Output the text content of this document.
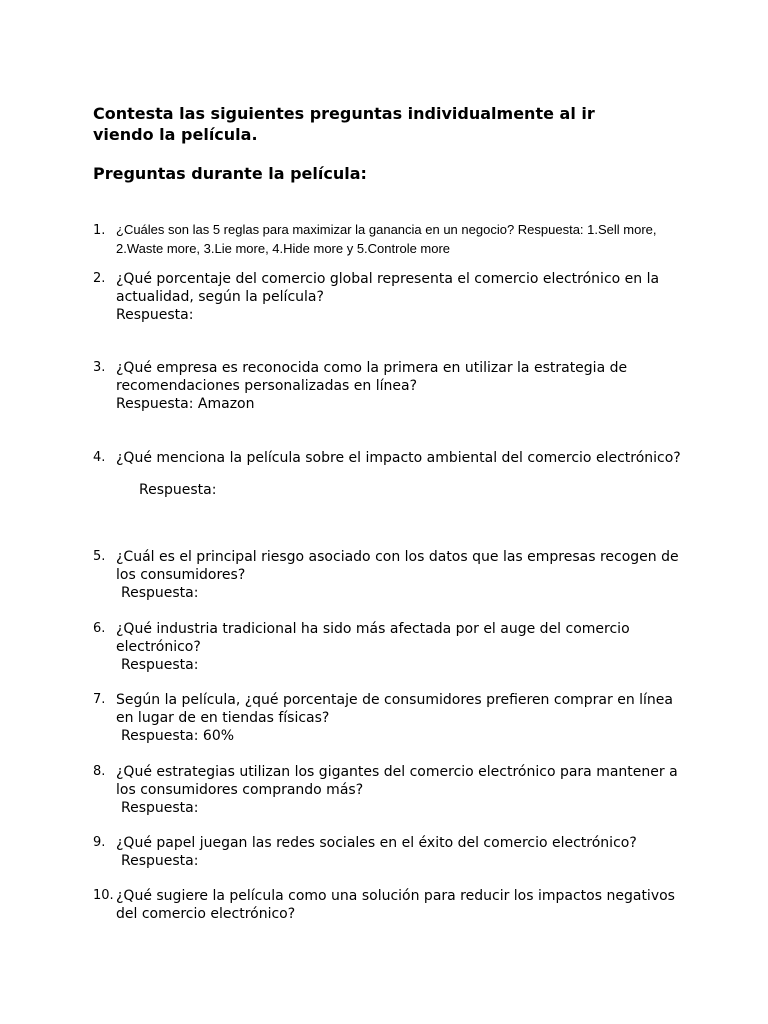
Contesta las siguientes preguntas individualmente al ir viendo la película.

Preguntas durante la película:

1. ¿Cuáles son las 5 reglas para maximizar la ganancia en un negocio? Respuesta: 1.Sell more, 2.Waste more, 3.Lie more, 4.Hide more y 5.Controle more
2. ¿Qué porcentaje del comercio global representa el comercio electrónico en la actualidad, según la película?
Respuesta:
3. ¿Qué empresa es reconocida como la primera en utilizar la estrategia de recomendaciones personalizadas en línea?
Respuesta: Amazon
4. ¿Qué menciona la película sobre el impacto ambiental del comercio electrónico?
Respuesta:
5. ¿Cuál es el principal riesgo asociado con los datos que las empresas recogen de los consumidores?
Respuesta:
6. ¿Qué industria tradicional ha sido más afectada por el auge del comercio electrónico?
Respuesta:
7. Según la película, ¿qué porcentaje de consumidores prefieren comprar en línea en lugar de en tiendas físicas?
Respuesta: 60%
8. ¿Qué estrategias utilizan los gigantes del comercio electrónico para mantener a los consumidores comprando más?
Respuesta:
9. ¿Qué papel juegan las redes sociales en el éxito del comercio electrónico?
Respuesta:
10. ¿Qué sugiere la película como una solución para reducir los impactos negativos del comercio electrónico?
